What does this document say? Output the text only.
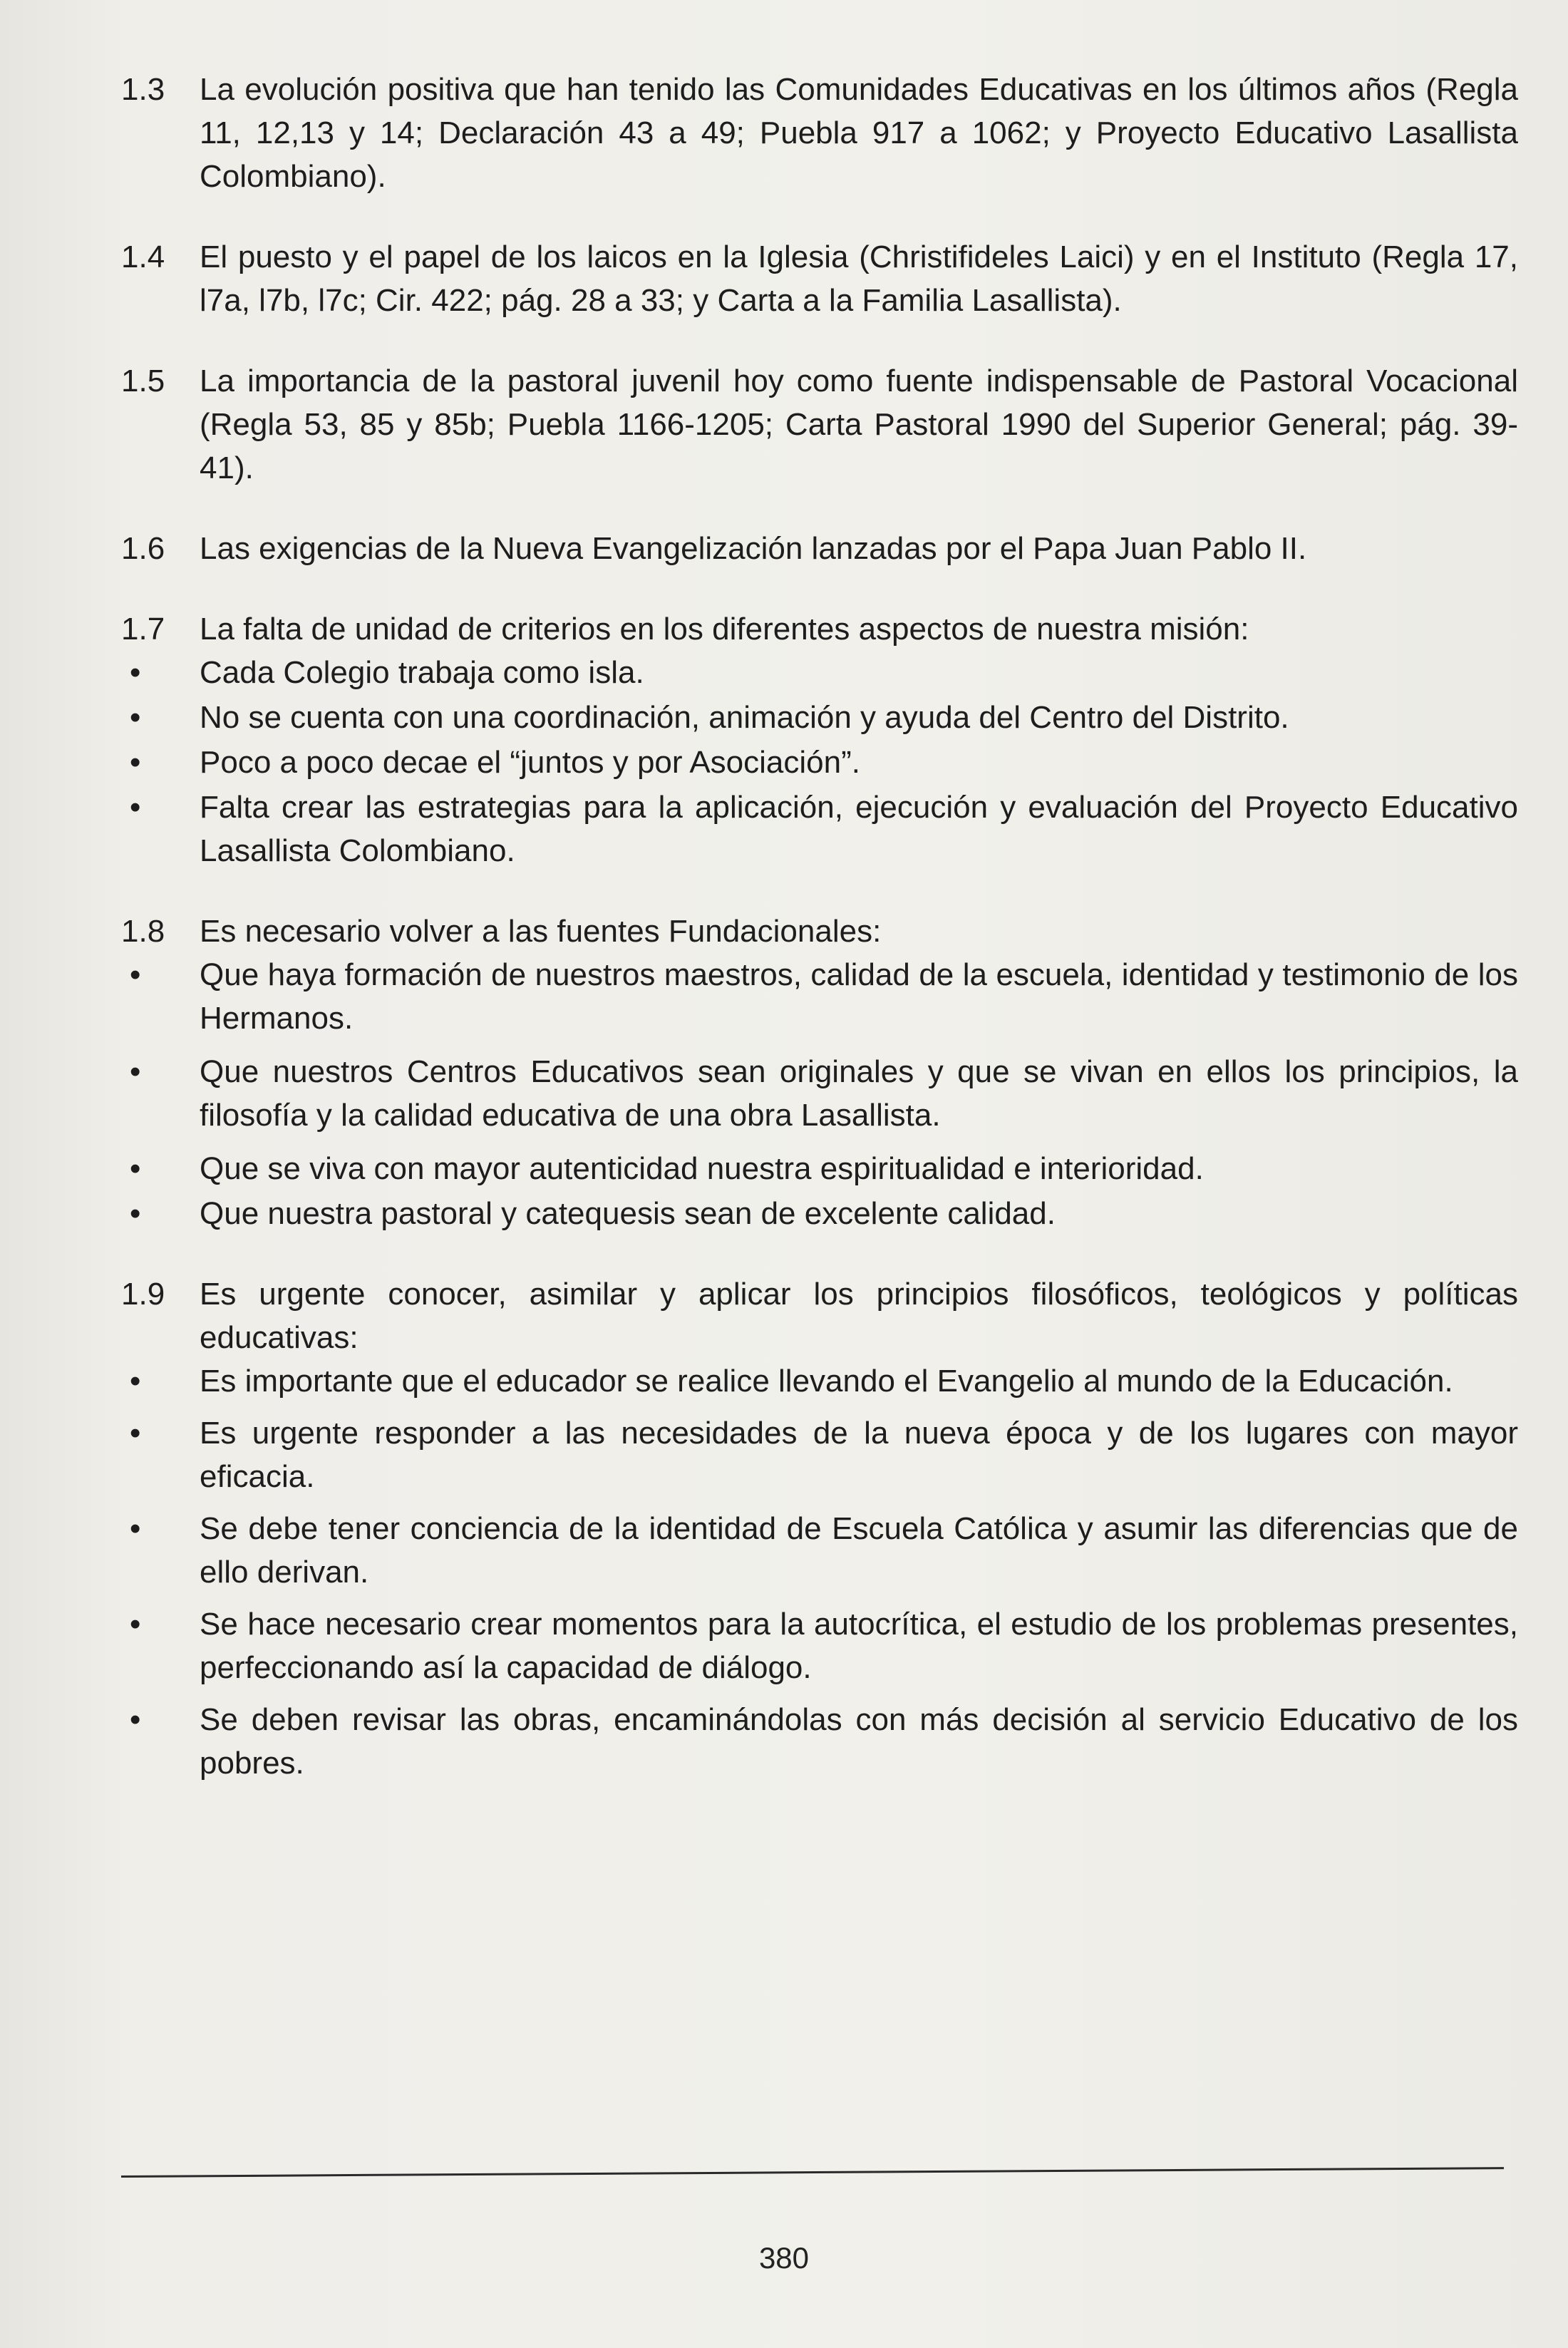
1.3	La evolución positiva que han tenido las Comunidades Educativas en los últimos años (Regla 11, 12,13 y 14; Declaración 43 a 49; Puebla 917 a 1062; y Proyecto Educativo Lasallista Colombiano).

1.4	El puesto y el papel de los laicos en la Iglesia (Christifideles Laici) y en el Instituto (Regla 17, l7a, l7b, l7c; Cir. 422; pág. 28 a 33; y Carta a la Familia Lasallista).

1.5	La importancia de la pastoral juvenil hoy como fuente indispensable de Pastoral Vocacional (Regla 53, 85 y 85b; Puebla 1166-1205; Carta Pastoral 1990 del Superior General; pág. 39-41).

1.6	Las exigencias de la Nueva Evangelización lanzadas por el Papa Juan Pablo II.

1.7	La falta de unidad de criterios en los diferentes aspectos de nuestra misión:

•	Cada Colegio trabaja como isla.
•	No se cuenta con una coordinación, animación y ayuda del Centro del Distrito.
•	Poco a poco decae el “juntos y por Asociación”.
•	Falta crear las estrategias para la aplicación, ejecución y evaluación del Proyecto Educativo Lasallista Colombiano.
1.8	Es necesario volver a las fuentes Fundacionales:

•	Que haya formación de nuestros maestros, calidad de la escuela, identidad y testimonio de los Hermanos.
•	Que nuestros Centros Educativos sean originales y que se vivan en ellos los principios, la filosofía y la calidad educativa de una obra Lasallista.
•	Que se viva con mayor autenticidad nuestra espiritualidad e interioridad.
•	Que nuestra pastoral y catequesis sean de excelente calidad.
1.9	Es urgente conocer, asimilar y aplicar los principios filosóficos, teológicos y políticas educativas:

•	Es importante que el educador se realice llevando el Evangelio al mundo de la Educación.
•	Es urgente responder a las necesidades de la nueva época y de los lugares con mayor eficacia.
•	Se debe tener conciencia de la identidad de Escuela Católica y asumir las diferencias que de ello derivan.
•	Se hace necesario crear momentos para la autocrítica, el estudio de los problemas presentes, perfeccionando así la capacidad de diálogo.
•	Se deben revisar las obras, encaminándolas con más decisión al servicio Educativo de los pobres.
380
